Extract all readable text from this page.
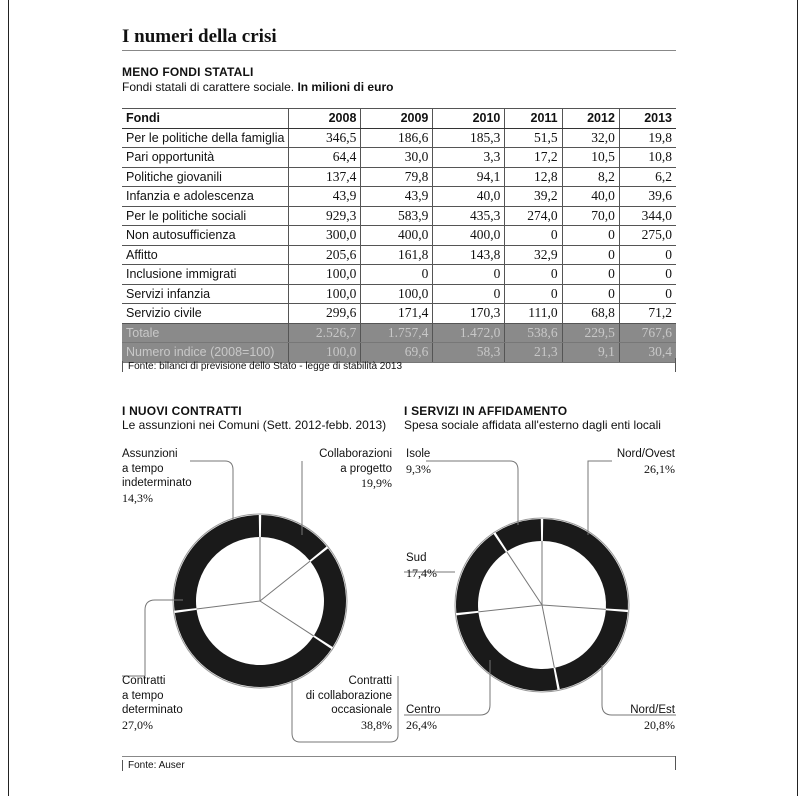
I numeri della crisi
MENO FONDI STATALI
Fondi statali di carattere sociale. In milioni di euro
Fondi	2008	2009	2010	2011	2012	2013
Per le politiche della famiglia	346,5	186,6	185,3	51,5	32,0	19,8
Pari opportunità	64,4	30,0	3,3	17,2	10,5	10,8
Politiche giovanili	137,4	79,8	94,1	12,8	8,2	6,2
Infanzia e adolescenza	43,9	43,9	40,0	39,2	40,0	39,6
Per le politiche sociali	929,3	583,9	435,3	274,0	70,0	344,0
Non autosufficienza	300,0	400,0	400,0	0	0	275,0
Affitto	205,6	161,8	143,8	32,9	0	0
Inclusione immigrati	100,0	0	0	0	0	0
Servizi infanzia	100,0	100,0	0	0	0	0
Servizio civile	299,6	171,4	170,3	111,0	68,8	71,2
Totale	2.526,7	1.757,4	1.472,0	538,6	229,5	767,6
Numero indice (2008=100)	100,0	69,6	58,3	21,3	9,1	30,4
Fonte: bilanci di previsione dello Stato - legge di stabilità 2013
I NUOVI CONTRATTI
Le assunzioni nei Comuni (Sett. 2012-febb. 2013)
I SERVIZI IN AFFIDAMENTO
Spesa sociale affidata all'esterno dagli enti locali
Assunzioni
a tempo
indeterminato
14,3%
Collaborazioni
a progetto
19,9%
Contratti
a tempo
determinato
27,0%
Contratti
di collaborazione
occasionale
38,8%
Isole
9,3%
Nord/Ovest
26,1%
Sud
17,4%
Centro
26,4%
Nord/Est
20,8%
Fonte: Auser
